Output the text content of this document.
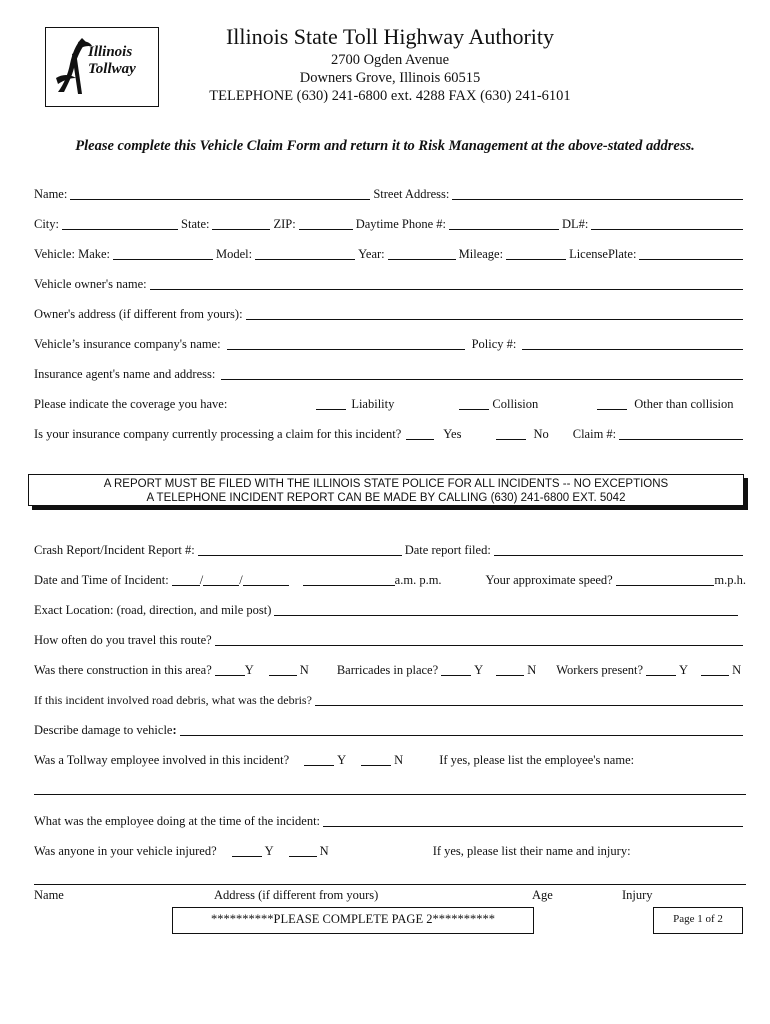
Illinois
Tollway
Illinois State Toll Highway Authority
2700 Ogden Avenue
Downers Grove, Illinois 60515
TELEPHONE (630) 241-6800 ext. 4288 FAX (630) 241-6101
Please complete this Vehicle Claim Form and return it to Risk Management at the above-stated address.
Name:	Street Address:
City:	State:	ZIP:	Daytime Phone #:	DL#:
Vehicle: Make:	Model:	Year:	Mileage:	LicensePlate:
Vehicle owner's name:
Owner's address (if different from yours):
Vehicle’s insurance company's name:	Policy #:
Insurance agent's name and address:
Please indicate the coverage you have:	Liability	Collision	Other than collision
Is your insurance company currently processing a claim for this incident?	Yes	No Claim #:
A REPORT MUST BE FILED WITH THE ILLINOIS STATE POLICE FOR ALL INCIDENTS -- NO EXCEPTIONS
A TELEPHONE INCIDENT REPORT CAN BE MADE BY CALLING (630) 241-6800 EXT. 5042
Crash Report/Incident Report #:	Date report filed:
Date and Time of Incident: /	/	a.m. p.m.	Your approximate speed?	m.p.h.
Exact Location: (road, direction, and mile post)
How often do you travel this route?
Was there construction in this area?	Y	N Barricades in place?	Y	N Workers present?	Y	N
If this incident involved road debris, what was the debris?
Describe damage to vehicle :
Was a Tollway employee involved in this incident?	Y	N	If yes, please list the employee's name:
What was the employee doing at the time of the incident:
Was anyone in your vehicle injured?	Y	N	If yes, please list their name and injury:
Name	Address (if different from yours)	Age	Injury
**********PLEASE COMPLETE PAGE 2**********	Page 1 of 2
